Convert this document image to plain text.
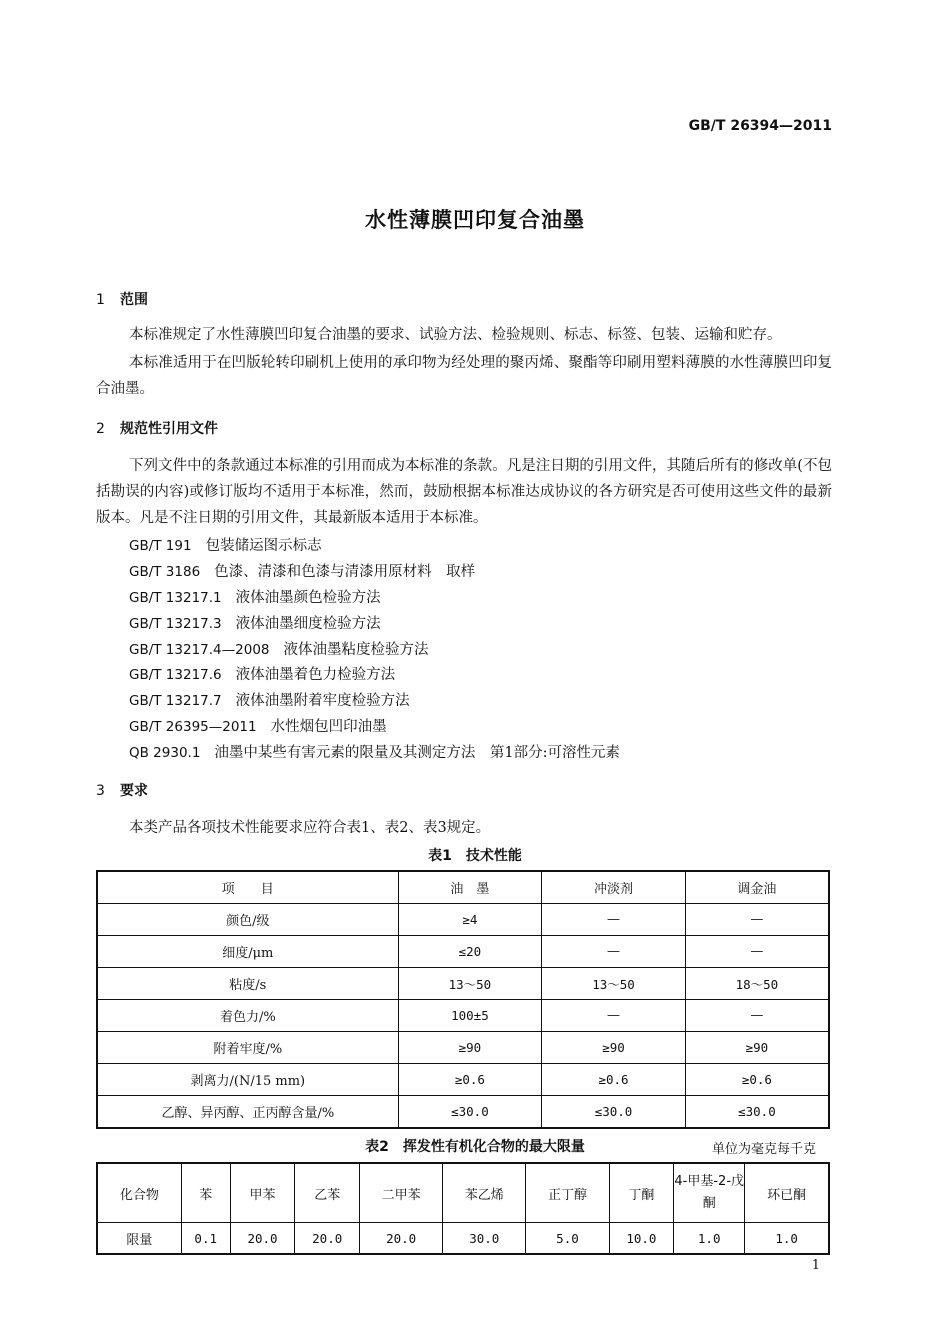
GB/T 26394—2011
水性薄膜凹印复合油墨
1 范围
本标准规定了水性薄膜凹印复合油墨的要求、试验方法、检验规则、标志、标签、包装、运输和贮存。
本标准适用于在凹版轮转印刷机上使用的承印物为经处理的聚丙烯、聚酯等印刷用塑料薄膜的水性薄膜凹印复合油墨。
2 规范性引用文件
下列文件中的条款通过本标准的引用而成为本标准的条款。凡是注日期的引用文件，其随后所有的修改单(不包括勘误的内容)或修订版均不适用于本标准，然而，鼓励根据本标准达成协议的各方研究是否可使用这些文件的最新版本。凡是不注日期的引用文件，其最新版本适用于本标准。
GB/T 191 包装储运图示标志
GB/T 3186 色漆、清漆和色漆与清漆用原材料　取样
GB/T 13217.1 液体油墨颜色检验方法
GB/T 13217.3 液体油墨细度检验方法
GB/T 13217.4—2008 液体油墨粘度检验方法
GB/T 13217.6 液体油墨着色力检验方法
GB/T 13217.7 液体油墨附着牢度检验方法
GB/T 26395—2011 水性烟包凹印油墨
QB 2930.1 油墨中某些有害元素的限量及其测定方法　第1部分:可溶性元素
3 要求
本类产品各项技术性能要求应符合表1、表2、表3规定。
表1　技术性能
项　　目	油　墨	冲淡剂	调金油
颜色/级	≥4	—	—
细度/μm	≤20	—	—
粘度/s	13～50	13～50	18～50
着色力/%	100±5	—	—
附着牢度/%	≥90	≥90	≥90
剥离力/(N/15 mm)	≥0.6	≥0.6	≥0.6
乙醇、异丙醇、正丙醇含量/%	≤30.0	≤30.0	≤30.0
表2　挥发性有机化合物的最大限量	单位为毫克每千克
化合物	苯	甲苯	乙苯	二甲苯	苯乙烯	正丁醇	丁酮	4-甲基-2-戊酮	环已酮
限量	0.1	20.0	20.0	20.0	30.0	5.0	10.0	1.0	1.0
1
